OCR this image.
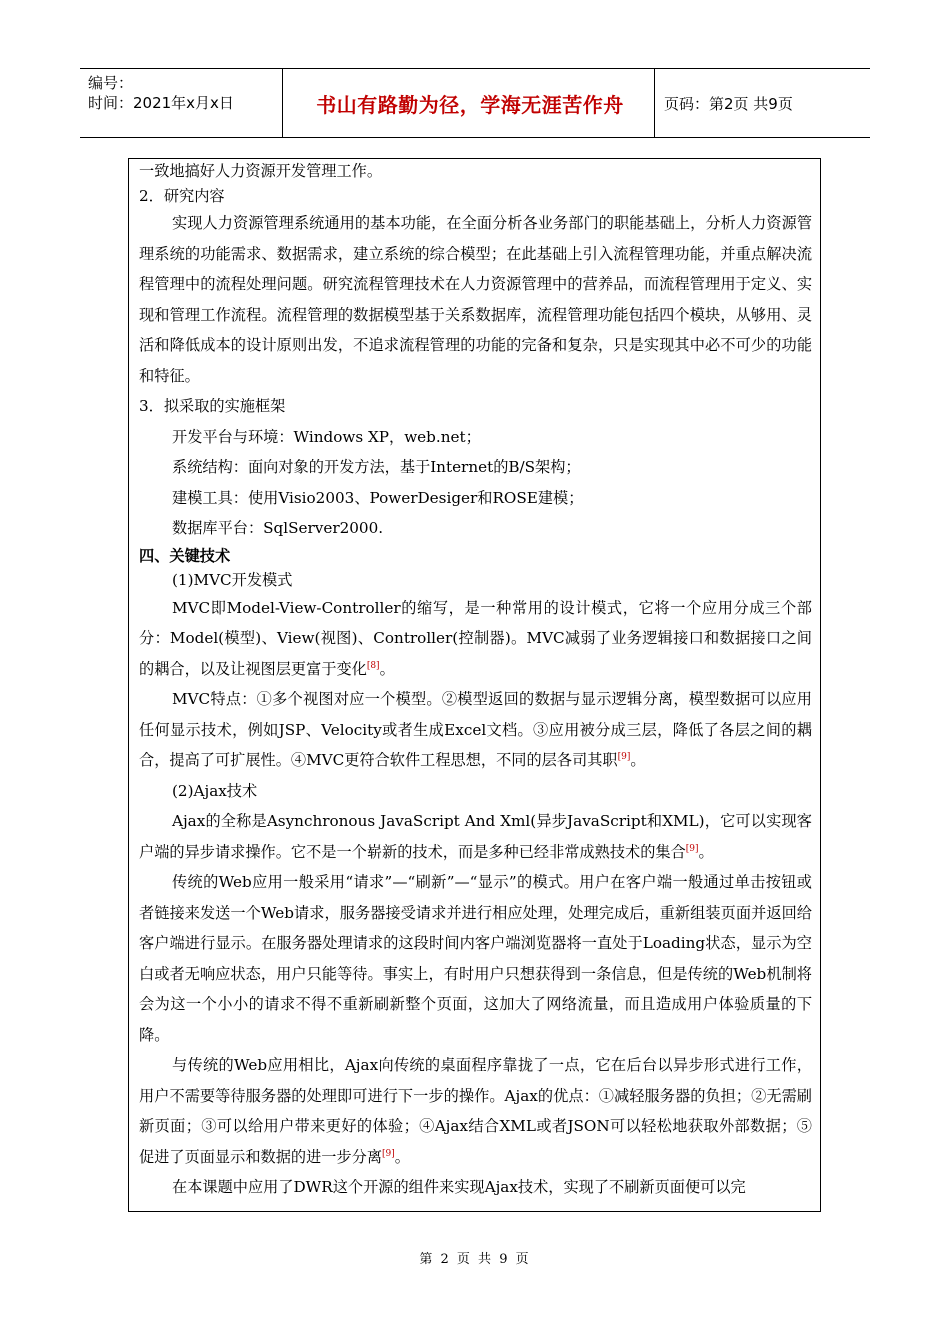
编号：
时间：2021年x月x日	书山有路勤为径，学海无涯苦作舟	页码：第2页 共9页

一致地搞好人力资源开发管理工作。

2．研究内容

实现人力资源管理系统通用的基本功能，在全面分析各业务部门的职能基础上，分析人力资源管理系统的功能需求、数据需求，建立系统的综合模型；在此基础上引入流程管理功能，并重点解决流程管理中的流程处理问题。研究流程管理技术在人力资源管理中的营养品，而流程管理用于定义、实现和管理工作流程。流程管理的数据模型基于关系数据库，流程管理功能包括四个模块，从够用、灵活和降低成本的设计原则出发，不追求流程管理的功能的完备和复杂，只是实现其中必不可少的功能和特征。

3．拟采取的实施框架

开发平台与环境：Windows XP，web.net；

系统结构：面向对象的开发方法，基于Internet的B/S架构；

建模工具：使用Visio2003、PowerDesiger和ROSE建模；

数据库平台：SqlServer2000.

四、关键技术

(1)MVC开发模式

MVC即Model-View-Controller的缩写，是一种常用的设计模式，它将一个应用分成三个部分：Model(模型)、View(视图)、Controller(控制器)。MVC减弱了业务逻辑接口和数据接口之间的耦合，以及让视图层更富于变化[8]。

MVC特点：①多个视图对应一个模型。②模型返回的数据与显示逻辑分离，模型数据可以应用任何显示技术，例如JSP、Velocity或者生成Excel文档。③应用被分成三层，降低了各层之间的耦合，提高了可扩展性。④MVC更符合软件工程思想，不同的层各司其职[9]。

(2)Ajax技术

Ajax的全称是Asynchronous JavaScript And Xml(异步JavaScript和XML)，它可以实现客户端的异步请求操作。它不是一个崭新的技术，而是多种已经非常成熟技术的集合[9]。

传统的Web应用一般采用“请求”—“刷新”—“显示”的模式。用户在客户端一般通过单击按钮或者链接来发送一个Web请求，服务器接受请求并进行相应处理，处理完成后，重新组装页面并返回给客户端进行显示。在服务器处理请求的这段时间内客户端浏览器将一直处于Loading状态，显示为空白或者无响应状态，用户只能等待。事实上，有时用户只想获得到一条信息，但是传统的Web机制将会为这一个小小的请求不得不重新刷新整个页面，这加大了网络流量，而且造成用户体验质量的下降。

与传统的Web应用相比，Ajax向传统的桌面程序靠拢了一点，它在后台以异步形式进行工作，用户不需要等待服务器的处理即可进行下一步的操作。Ajax的优点：①减轻服务器的负担；②无需刷新页面；③可以给用户带来更好的体验；④Ajax结合XML或者JSON可以轻松地获取外部数据；⑤促进了页面显示和数据的进一步分离[9]。

在本课题中应用了DWR这个开源的组件来实现Ajax技术，实现了不刷新页面便可以完

第 2 页 共 9 页
